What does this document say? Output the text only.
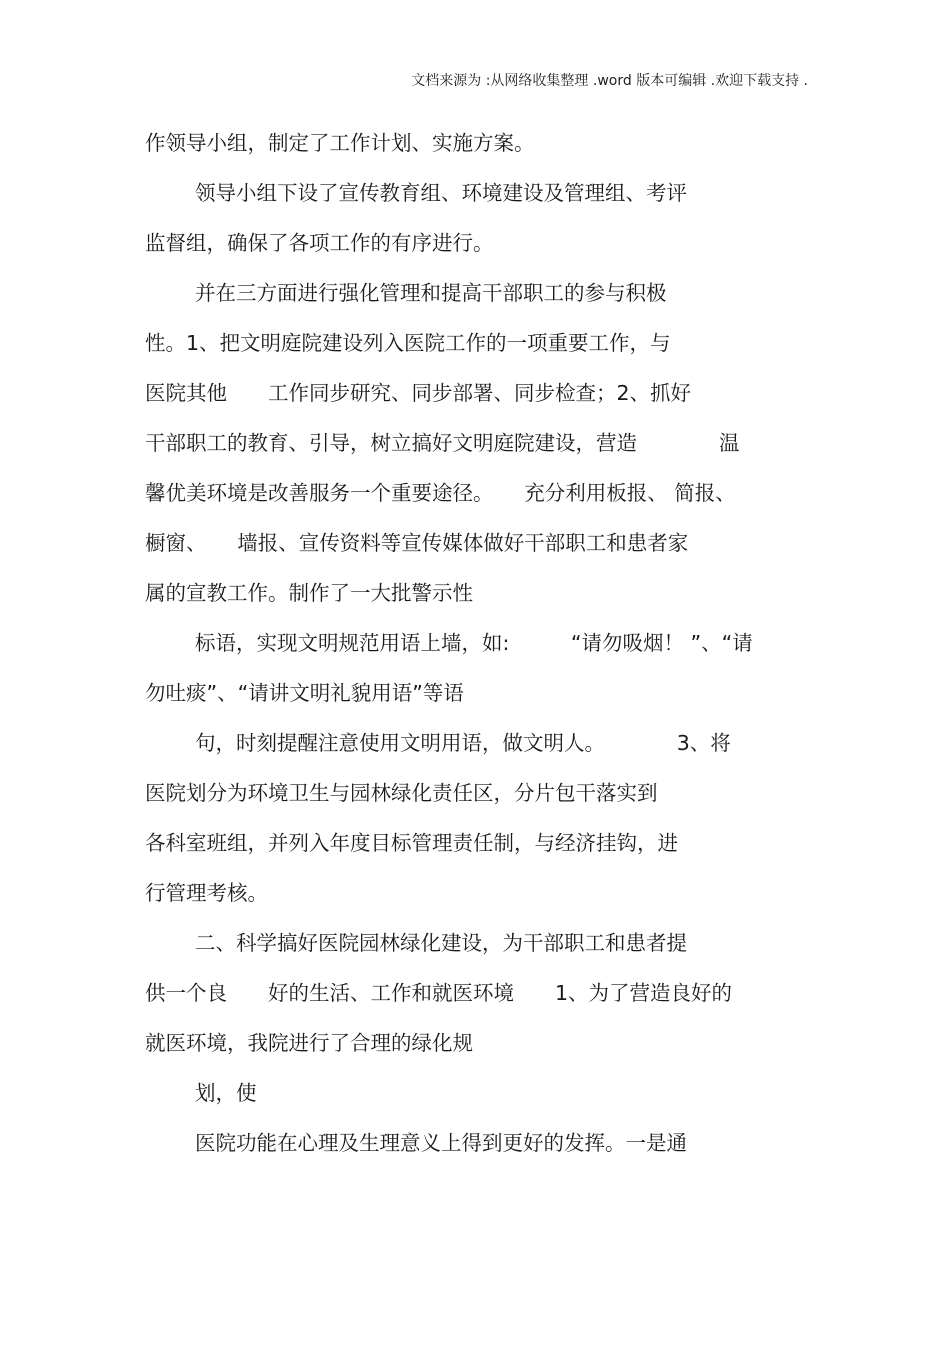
文档来源为 :从网络收集整理 .word 版本可编辑 .欢迎下载支持 .
作领导小组，制定了工作计划、实施方案。
领导小组下设了宣传教育组、环境建设及管理组、考评
监督组，确保了各项工作的有序进行。
并在三方面进行强化管理和提高干部职工的参与积极
性。1、把文明庭院建设列入医院工作的一项重要工作，与
医院其他　　工作同步研究、同步部署、同步检查；2、抓好
干部职工的教育、引导，树立搞好文明庭院建设，营造　　　　温
馨优美环境是改善服务一个重要途径。　　充分利用板报、 简报、
橱窗、　　墙报、宣传资料等宣传媒体做好干部职工和患者家
属的宣教工作。制作了一大批警示性
标语，实现文明规范用语上墙，如:　　　“请勿吸烟！ ”、“请
勿吐痰”、“请讲文明礼貌用语”等语
句，时刻提醒注意使用文明用语，做文明人。　　　　3、将
医院划分为环境卫生与园林绿化责任区，分片包干落实到
各科室班组，并列入年度目标管理责任制，与经济挂钩，进
行管理考核。
二、科学搞好医院园林绿化建设，为干部职工和患者提
供一个良　　好的生活、工作和就医环境　　1、为了营造良好的
就医环境，我院进行了合理的绿化规
划，使
医院功能在心理及生理意义上得到更好的发挥。一是通
